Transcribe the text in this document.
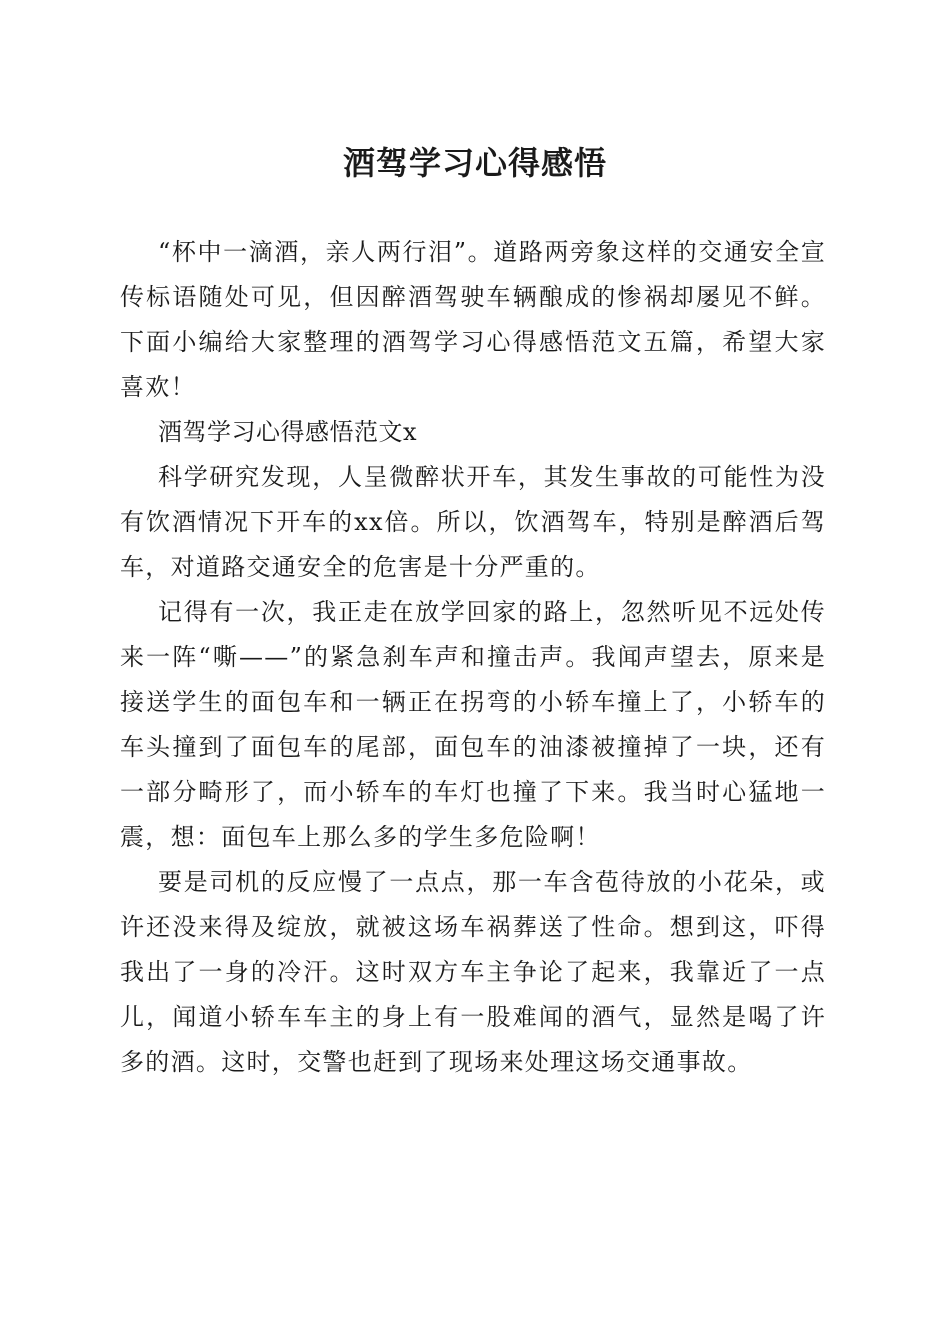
酒驾学习心得感悟

“杯中一滴酒，亲人两行泪”。道路两旁象这样的交通安全宣传标语随处可见，但因醉酒驾驶车辆酿成的惨祸却屡见不鲜。下面小编给大家整理的酒驾学习心得感悟范文五篇，希望大家喜欢！

酒驾学习心得感悟范文x

科学研究发现，人呈微醉状开车，其发生事故的可能性为没有饮酒情况下开车的xx倍。所以，饮酒驾车，特别是醉酒后驾车，对道路交通安全的危害是十分严重的。

记得有一次，我正走在放学回家的路上，忽然听见不远处传来一阵“嘶——”的紧急刹车声和撞击声。我闻声望去，原来是接送学生的面包车和一辆正在拐弯的小轿车撞上了，小轿车的车头撞到了面包车的尾部，面包车的油漆被撞掉了一块，还有一部分畸形了，而小轿车的车灯也撞了下来。我当时心猛地一震，想：面包车上那么多的学生多危险啊！

要是司机的反应慢了一点点，那一车含苞待放的小花朵，或许还没来得及绽放，就被这场车祸葬送了性命。想到这，吓得我出了一身的冷汗。这时双方车主争论了起来，我靠近了一点儿，闻道小轿车车主的身上有一股难闻的酒气，显然是喝了许多的酒。这时，交警也赶到了现场来处理这场交通事故。
